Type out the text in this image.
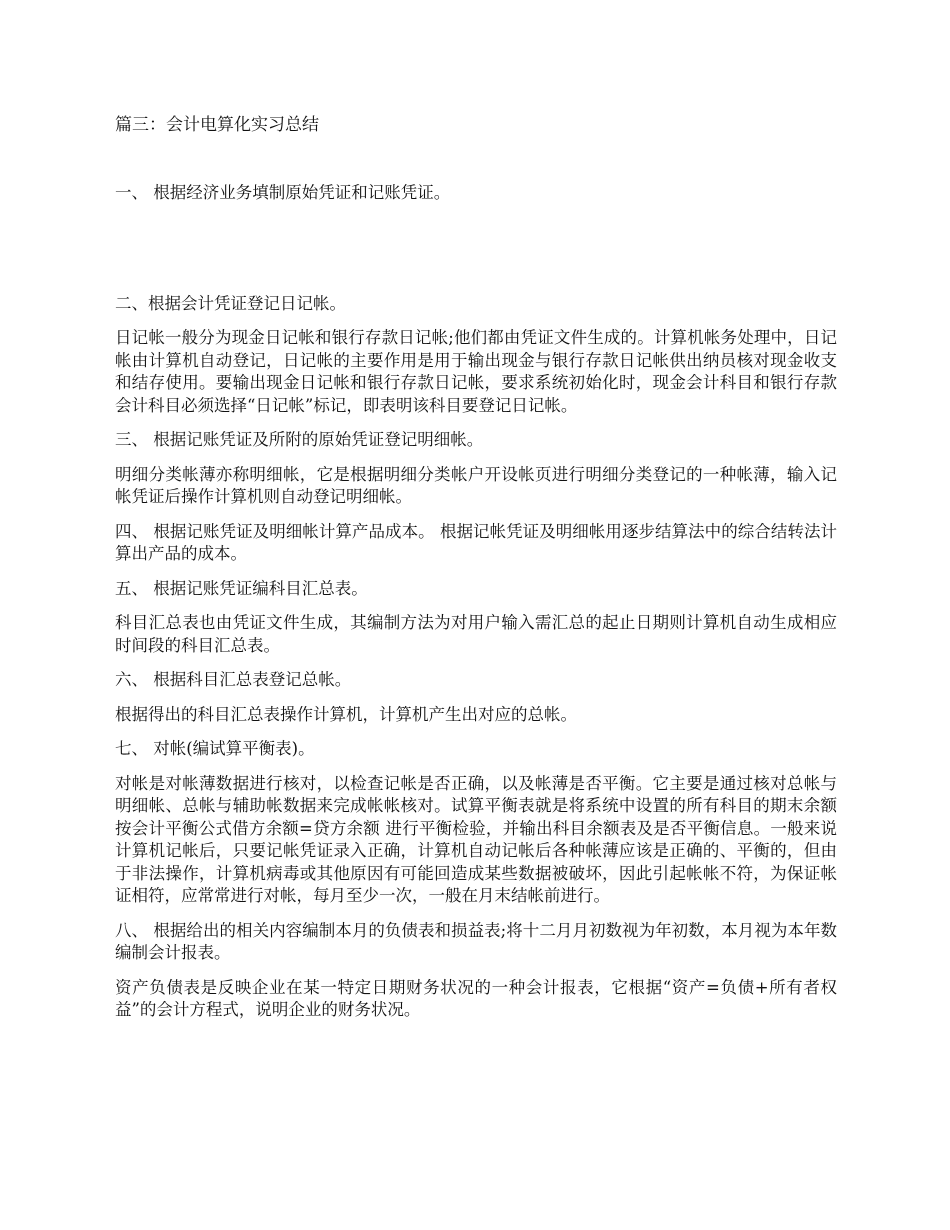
篇三：会计电算化实习总结

一、 根据经济业务填制原始凭证和记账凭证。

二、根据会计凭证登记日记帐。

日记帐一般分为现金日记帐和银行存款日记帐;他们都由凭证文件生成的。计算机帐务处理中，日记帐由计算机自动登记，日记帐的主要作用是用于输出现金与银行存款日记帐供出纳员核对现金收支和结存使用。要输出现金日记帐和银行存款日记帐，要求系统初始化时，现金会计科目和银行存款会计科目必须选择“日记帐”标记，即表明该科目要登记日记帐。

三、 根据记账凭证及所附的原始凭证登记明细帐。

明细分类帐薄亦称明细帐，它是根据明细分类帐户开设帐页进行明细分类登记的一种帐薄，输入记帐凭证后操作计算机则自动登记明细帐。

四、 根据记账凭证及明细帐计算产品成本。 根据记帐凭证及明细帐用逐步结算法中的综合结转法计算出产品的成本。

五、 根据记账凭证编科目汇总表。

科目汇总表也由凭证文件生成，其编制方法为对用户输入需汇总的起止日期则计算机自动生成相应时间段的科目汇总表。

六、 根据科目汇总表登记总帐。

根据得出的科目汇总表操作计算机，计算机产生出对应的总帐。

七、 对帐(编试算平衡表)。

对帐是对帐薄数据进行核对，以检查记帐是否正确，以及帐薄是否平衡。它主要是通过核对总帐与明细帐、总帐与辅助帐数据来完成帐帐核对。试算平衡表就是将系统中设置的所有科目的期末余额按会计平衡公式借方余额=贷方余额 进行平衡检验，并输出科目余额表及是否平衡信息。一般来说计算机记帐后，只要记帐凭证录入正确，计算机自动记帐后各种帐薄应该是正确的、平衡的，但由于非法操作，计算机病毒或其他原因有可能回造成某些数据被破坏，因此引起帐帐不符，为保证帐证相符，应常常进行对帐，每月至少一次，一般在月末结帐前进行。

八、 根据给出的相关内容编制本月的负债表和损益表;将十二月月初数视为年初数，本月视为本年数编制会计报表。

资产负债表是反映企业在某一特定日期财务状况的一种会计报表，它根据“资产=负债+所有者权益”的会计方程式，说明企业的财务状况。
